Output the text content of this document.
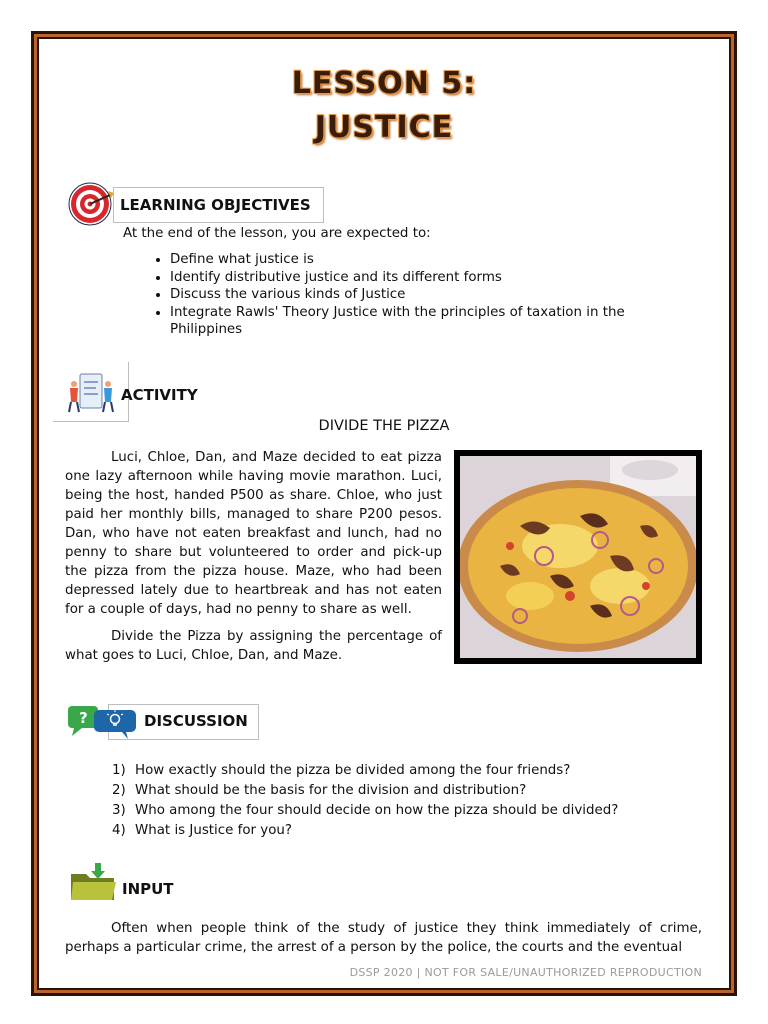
LESSON 5:
JUSTICE
LEARNING OBJECTIVES
At the end of the lesson, you are expected to:
• Define what justice is
• Identify distributive justice and its different forms
• Discuss the various kinds of Justice
• Integrate Rawls' Theory Justice with the principles of taxation in the Philippines
ACTIVITY
DIVIDE THE PIZZA
Luci, Chloe, Dan, and Maze decided to eat pizza one lazy afternoon while having movie marathon. Luci, being the host, handed P500 as share. Chloe, who just paid her monthly bills, managed to share P200 pesos. Dan, who have not eaten breakfast and lunch, had no penny to share but volunteered to order and pick-up the pizza from the pizza house. Maze, who had been depressed lately due to heartbreak and has not eaten for a couple of days, had no penny to share as well.
Divide the Pizza by assigning the percentage of what goes to Luci, Chloe, Dan, and Maze.
?	DISCUSSION
1) How exactly should the pizza be divided among the four friends?
2) What should be the basis for the division and distribution?
3) Who among the four should decide on how the pizza should be divided?
4) What is Justice for you?
INPUT
Often when people think of the study of justice they think immediately of crime, perhaps a particular crime, the arrest of a person by the police, the courts and the eventual
DSSP 2020 | NOT FOR SALE/UNAUTHORIZED REPRODUCTION
